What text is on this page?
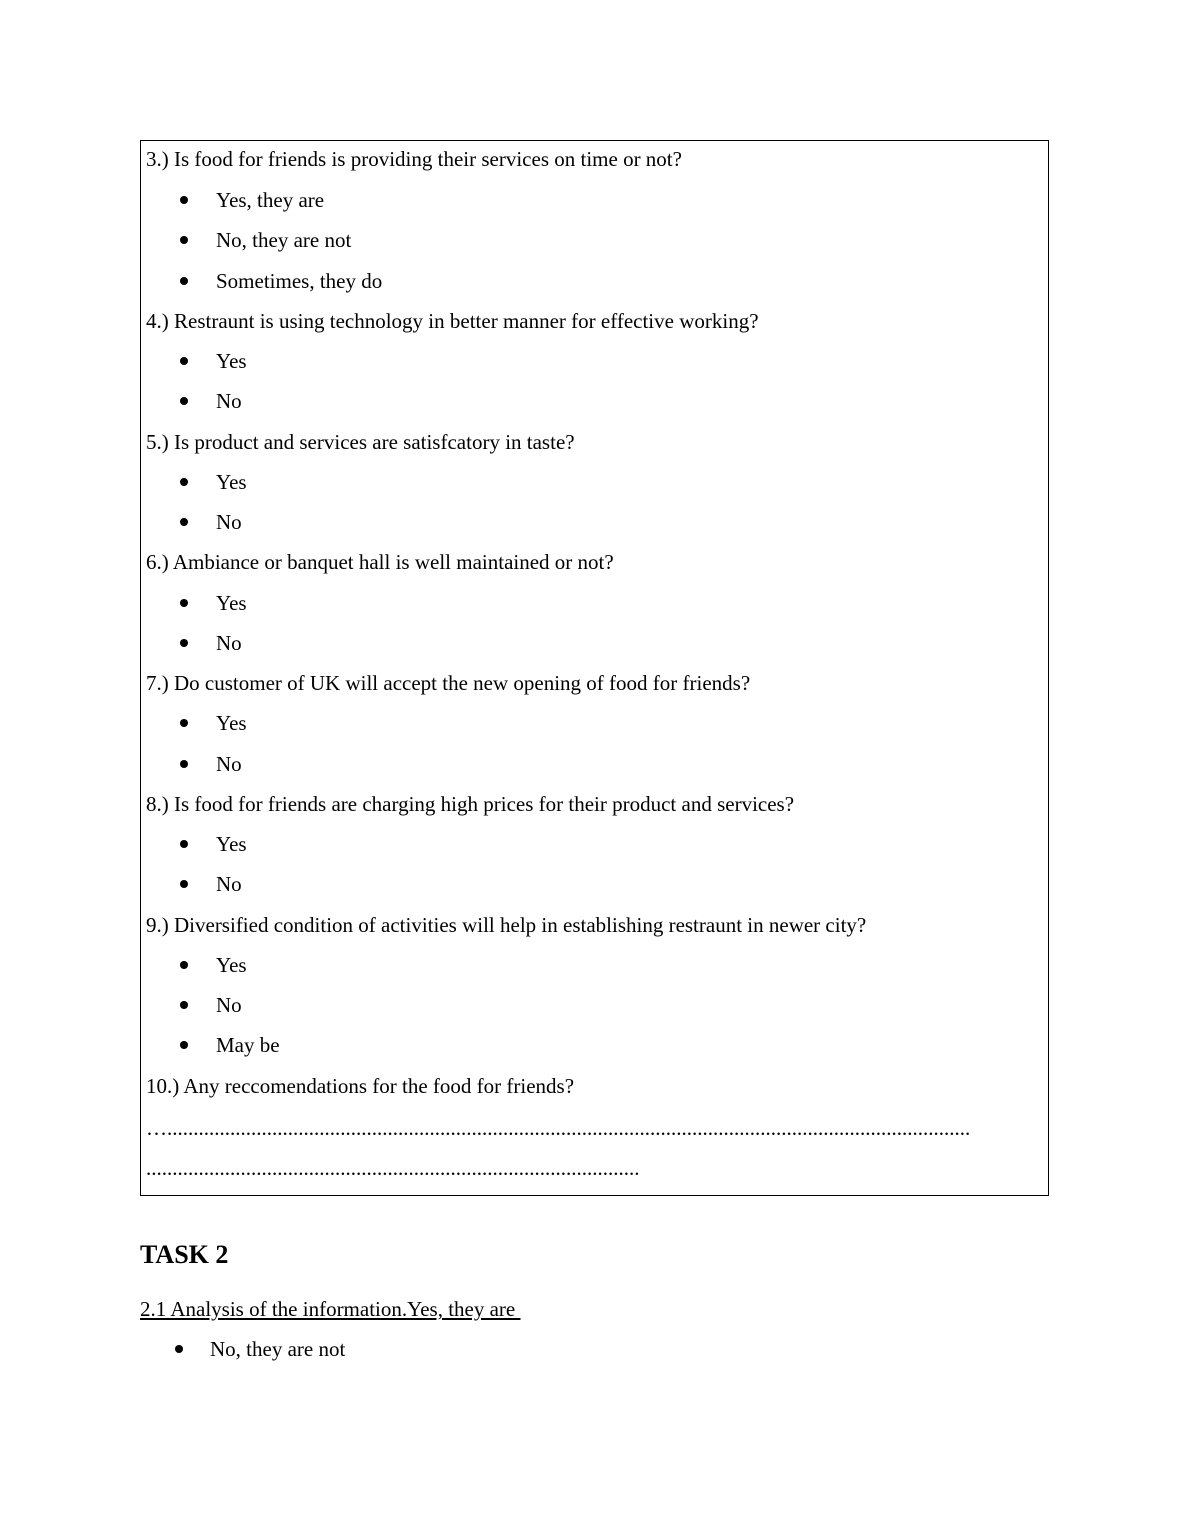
3.) Is food for friends is providing their services on time or not?
Yes, they are
No, they are not
Sometimes, they do
4.) Restraunt is using technology in better manner for effective working?
Yes
No
5.) Is product and services are satisfcatory in taste?
Yes
No
6.) Ambiance or banquet hall is well maintained or not?
Yes
No
7.) Do customer of UK will accept the new opening of food for friends?
Yes
No
8.) Is food for friends are charging high prices for their product and services?
Yes
No
9.) Diversified condition of activities will help in establishing restraunt in newer city?
Yes
No
May be
10.) Any reccomendations for the food for friends?
….........................................................................................................................................................
..............................................................................................
TASK 2
2.1 Analysis of the information.Yes, they are
No, they are not
